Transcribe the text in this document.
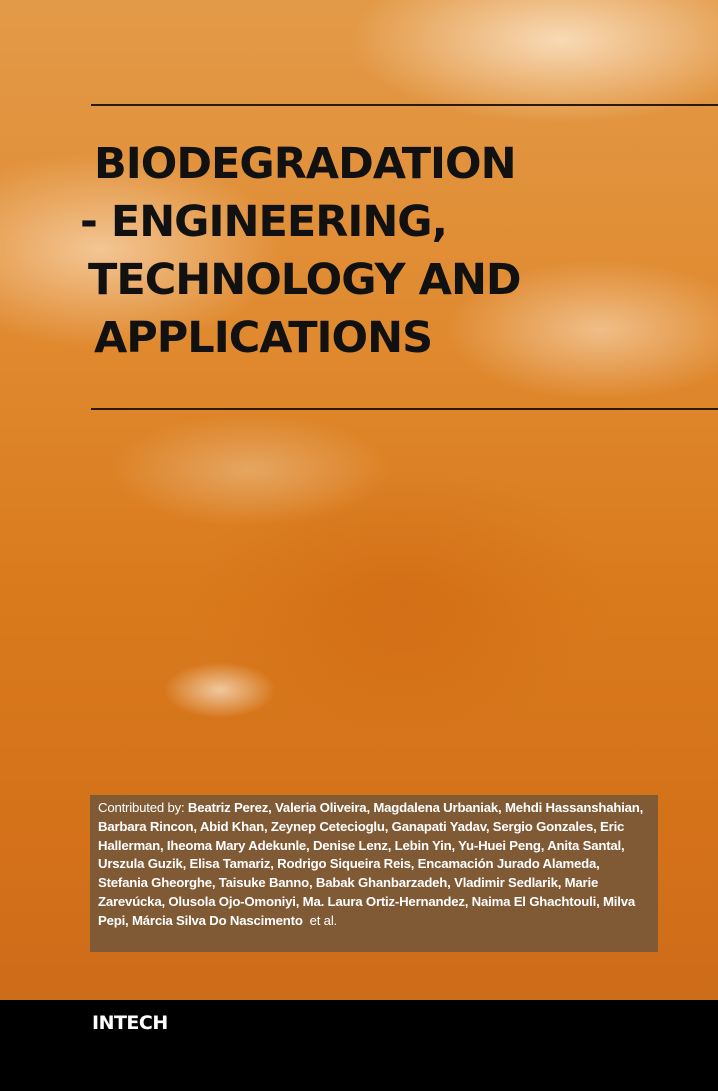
BIODEGRADATION
- ENGINEERING,
TECHNOLOGY AND
APPLICATIONS
Contributed by: Beatriz Perez, Valeria Oliveira, Magdalena Urbaniak, Mehdi Hassanshahian, Barbara Rincon, Abid Khan, Zeynep Cetecioglu, Ganapati Yadav, Sergio Gonzales, Eric Hallerman, Iheoma Mary Adekunle, Denise Lenz, Lebin Yin, Yu-Huei Peng, Anita Santal, Urszula Guzik, Elisa Tamariz, Rodrigo Siqueira Reis, Encamación Jurado Alameda, Stefania Gheorghe, Taisuke Banno, Babak Ghanbarzadeh, Vladimir Sedlarik, Marie Zarevúcka, Olusola Ojo-Omoniyi, Ma. Laura Ortiz-Hernandez, Naima El Ghachtouli, Milva Pepi, Márcia Silva Do Nascimento et al.
INTECH
